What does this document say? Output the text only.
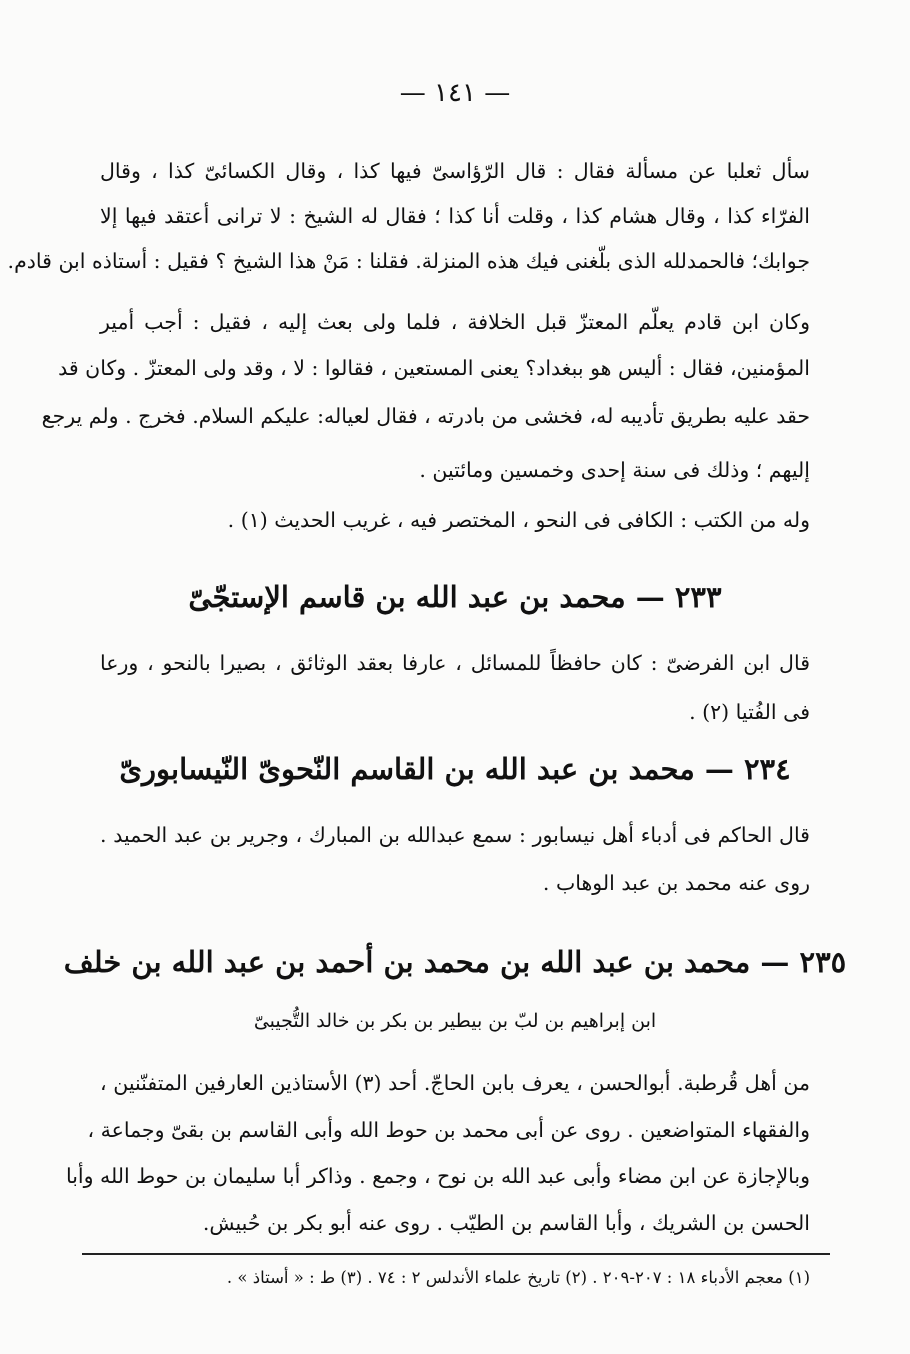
— ١٤١ —
سأل ثعلبا عن مسألة فقال : قال الرّؤاسىّ فيها كذا ، وقال الكسائىّ كذا ، وقال
الفرّاء كذا ، وقال هشام كذا ، وقلت أنا كذا ؛ فقال له الشيخ : لا ترانى أعتقد فيها إلا
جوابك؛ فالحمدلله الذى بلّغنى فيك هذه المنزلة. فقلنا : مَنْ هذا الشيخ ؟ فقيل : أستاذه ابن قادم.
وكان ابن قادم يعلّم المعتزّ قبل الخلافة ، فلما ولى بعث إليه ، فقيل : أجب أمير
المؤمنين، فقال : أليس هو ببغداد؟ يعنى المستعين ، فقالوا : لا ، وقد ولى المعتزّ . وكان قد
حقد عليه بطريق تأديبه له، فخشى من بادرته ، فقال لعياله: عليكم السلام. فخرج . ولم يرجع
إليهم ؛ وذلك فى سنة إحدى وخمسين ومائتين .
وله من الكتب : الكافى فى النحو ، المختصر فيه ، غريب الحديث (١) .
٢٣٣ — محمد بن عبد الله بن قاسم الإستجّىّ
قال ابن الفرضىّ : كان حافظاً للمسائل ، عارفا بعقد الوثائق ، بصيرا بالنحو ، ورعا
فى الفُتيا (٢) .
٢٣٤ — محمد بن عبد الله بن القاسم النّحوىّ النّيسابورىّ
قال الحاكم فى أدباء أهل نيسابور : سمع عبدالله بن المبارك ، وجرير بن عبد الحميد .
روى عنه محمد بن عبد الوهاب .
٢٣٥ — محمد بن عبد الله بن محمد بن أحمد بن عبد الله بن خلف
ابن إبراهيم بن لبّ بن بيطير بن بكر بن خالد التُّجيبىّ
من أهل قُرطبة. أبوالحسن ، يعرف بابن الحاجّ. أحد (٣) الأستاذين العارفين المتفنّنين ،
والفقهاء المتواضعين . روى عن أبى محمد بن حوط الله وأبى القاسم بن بقىّ وجماعة ،
وبالإجازة عن ابن مضاء وأبى عبد الله بن نوح ، وجمع . وذاكر أبا سليمان بن حوط الله وأبا
الحسن بن الشريك ، وأبا القاسم بن الطيّب . روى عنه أبو بكر بن حُبيش.
(١) معجم الأدباء ١٨ : ٢٠٧-٢٠٩ . (٢) تاريخ علماء الأندلس ٢ : ٧٤ . (٣) ط : « أستاذ » .
